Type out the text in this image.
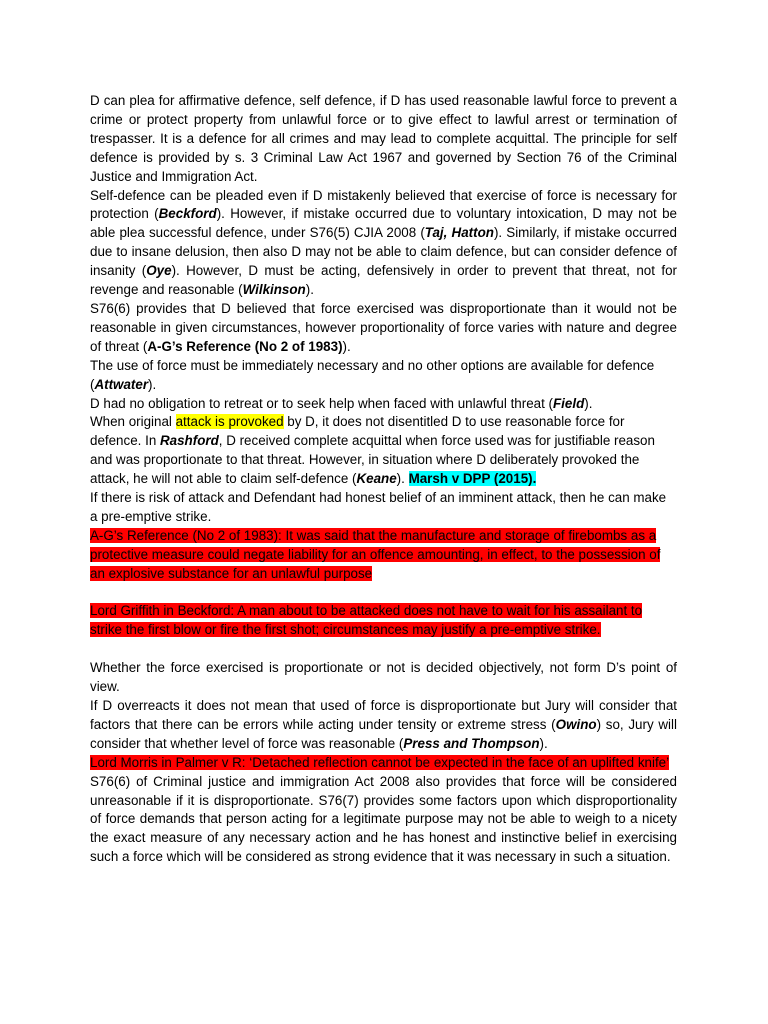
D can plea for affirmative defence, self defence, if D has used reasonable lawful force to prevent a crime or protect property from unlawful force or to give effect to lawful arrest or termination of trespasser. It is a defence for all crimes and may lead to complete acquittal. The principle for self defence is provided by s. 3 Criminal Law Act 1967 and governed by Section 76 of the Criminal Justice and Immigration Act.

Self-defence can be pleaded even if D mistakenly believed that exercise of force is necessary for protection (Beckford). However, if mistake occurred due to voluntary intoxication, D may not be able plea successful defence, under S76(5) CJIA 2008 (Taj, Hatton). Similarly, if mistake occurred due to insane delusion, then also D may not be able to claim defence, but can consider defence of insanity (Oye). However, D must be acting, defensively in order to prevent that threat, not for revenge and reasonable (Wilkinson).

S76(6) provides that D believed that force exercised was disproportionate than it would not be reasonable in given circumstances, however proportionality of force varies with nature and degree of threat (A-G’s Reference (No 2 of 1983)).

The use of force must be immediately necessary and no other options are available for defence (Attwater).

D had no obligation to retreat or to seek help when faced with unlawful threat (Field).

When original attack is provoked by D, it does not disentitled D to use reasonable force for defence. In Rashford, D received complete acquittal when force used was for justifiable reason and was proportionate to that threat. However, in situation where D deliberately provoked the attack, he will not able to claim self-defence (Keane). Marsh v DPP (2015).

If there is risk of attack and Defendant had honest belief of an imminent attack, then he can make a pre-emptive strike.

A-G’s Reference (No 2 of 1983): It was said that the manufacture and storage of firebombs as a protective measure could negate liability for an offence amounting, in effect, to the possession of an explosive substance for an unlawful purpose

Lord Griffith in Beckford: A man about to be attacked does not have to wait for his assailant to strike the first blow or fire the first shot; circumstances may justify a pre-emptive strike.

Whether the force exercised is proportionate or not is decided objectively, not form D’s point of view.

If D overreacts it does not mean that used of force is disproportionate but Jury will consider that factors that there can be errors while acting under tensity or extreme stress (Owino) so, Jury will consider that whether level of force was reasonable (Press and Thompson).

Lord Morris in Palmer v R: ‘Detached reflection cannot be expected in the face of an uplifted knife’

S76(6) of Criminal justice and immigration Act 2008 also provides that force will be considered unreasonable if it is disproportionate. S76(7) provides some factors upon which disproportionality of force demands that person acting for a legitimate purpose may not be able to weigh to a nicety the exact measure of any necessary action and he has honest and instinctive belief in exercising such a force which will be considered as strong evidence that it was necessary in such a situation.
